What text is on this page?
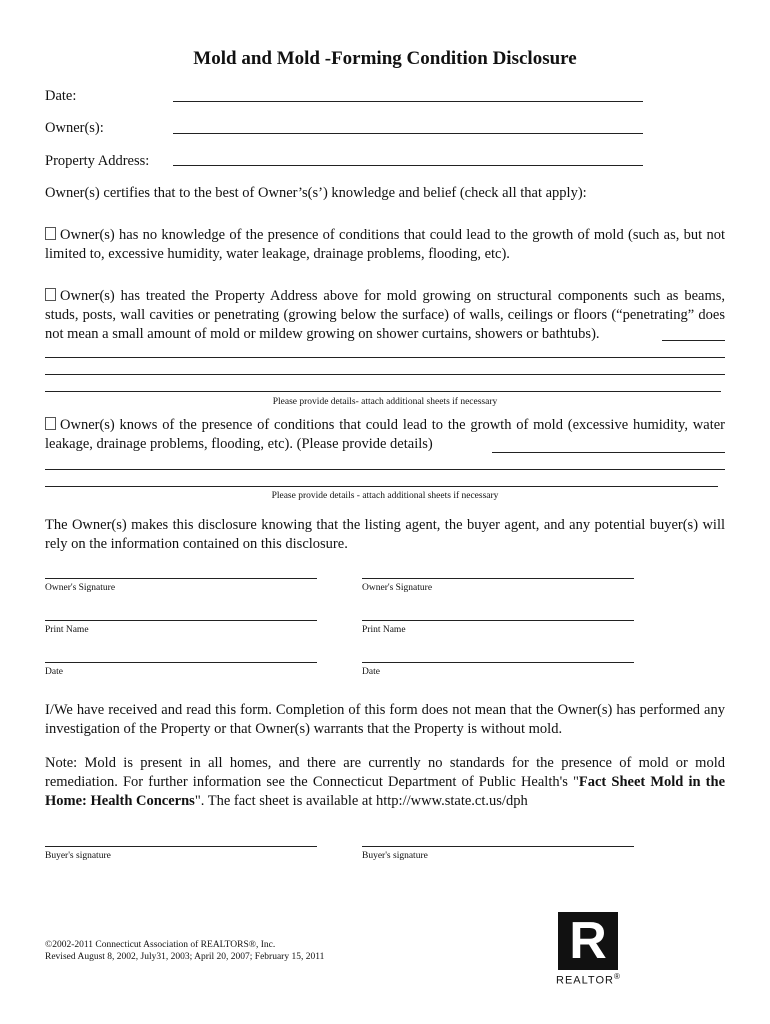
Mold and Mold -Forming Condition Disclosure
Date:
Owner(s):
Property Address:
Owner(s) certifies that to the best of Owner’s(s’) knowledge and belief (check all that apply):
Owner(s) has no knowledge of the presence of conditions that could lead to the growth of mold (such as, but not limited to, excessive humidity, water leakage, drainage problems, flooding, etc).
Owner(s) has treated the Property Address above for mold growing on structural components such as beams, studs, posts, wall cavities or penetrating (growing below the surface) of walls, ceilings or floors (“penetrating” does not mean a small amount of mold or mildew growing on shower curtains, showers or bathtubs).
Please provide details- attach additional sheets if necessary
Owner(s) knows of the presence of conditions that could lead to the growth of mold (excessive humidity, water leakage, drainage problems, flooding, etc). (Please provide details)
Please provide details - attach additional sheets if necessary
The Owner(s) makes this disclosure knowing that the listing agent, the buyer agent, and any potential buyer(s) will rely on the information contained on this disclosure.
Owner's Signature	Owner's Signature
Print Name	Print Name
Date	Date
I/We have received and read this form. Completion of this form does not mean that the Owner(s) has performed any investigation of the Property or that Owner(s) warrants that the Property is without mold.
Note: Mold is present in all homes, and there are currently no standards for the presence of mold or mold remediation. For further information see the Connecticut Department of Public Health's "Fact Sheet Mold in the Home: Health Concerns". The fact sheet is available at http://www.state.ct.us/dph
Buyer's signature	Buyer's signature
©2002-2011 Connecticut Association of REALTORS®, Inc.
Revised August 8, 2002, July31, 2003; April 20, 2007; February 15, 2011	R
REALTOR®
